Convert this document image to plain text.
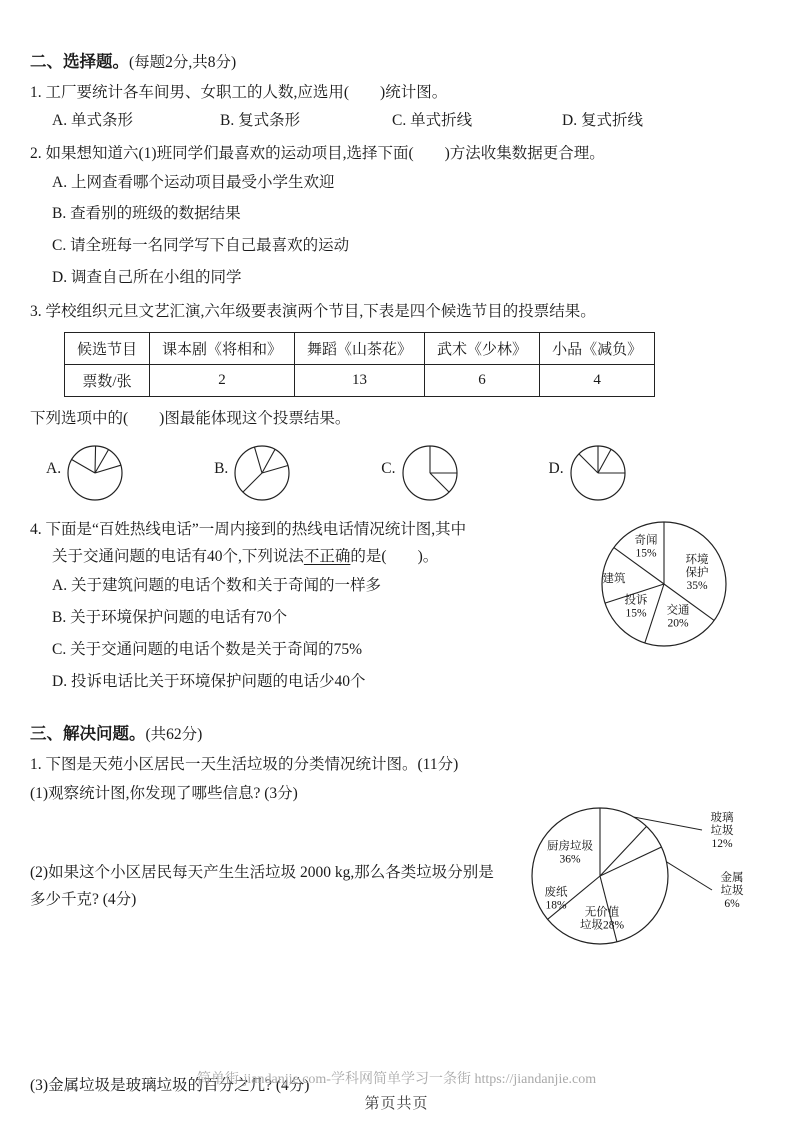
二、选择题。(每题2分,共8分)
1. 工厂要统计各车间男、女职工的人数,应选用(　　)统计图。
A. 单式条形	B. 复式条形	C. 单式折线	D. 复式折线
2. 如果想知道六(1)班同学们最喜欢的运动项目,选择下面(　　)方法收集数据更合理。
A. 上网查看哪个运动项目最受小学生欢迎
B. 查看别的班级的数据结果
C. 请全班每一名同学写下自己最喜欢的运动
D. 调查自己所在小组的同学
3. 学校组织元旦文艺汇演,六年级要表演两个节目,下表是四个候选节目的投票结果。
候选节目	课本剧《将相和》	舞蹈《山茶花》	武术《少林》	小品《减负》
票数/张	2	13	6	4
下列选项中的(　　)图最能体现这个投票结果。
A.	B.	C.	D.
4. 下面是“百姓热线电话”一周内接到的热线电话情况统计图,其中
关于交通问题的电话有40个,下列说法不正确的是(　　)。
A. 关于建筑问题的电话个数和关于奇闻的一样多
B. 关于环境保护问题的电话有70个
C. 关于交通问题的电话个数是关于奇闻的75%
D. 投诉电话比关于环境保护问题的电话少40个
环境保护 35%
交通 20%
投诉 15%
建筑
奇闻 15%
三、解决问题。(共62分)
1. 下图是天苑小区居民一天生活垃圾的分类情况统计图。(11分)
(1)观察统计图,你发现了哪些信息? (3分)
(2)如果这个小区居民每天产生生活垃圾 2000 kg,那么各类垃圾分别是多少千克? (4分)
玻璃垃圾 12%
金属垃圾 6%
无价值垃圾28%
废纸 18%
厨房垃圾 36%
(3)金属垃圾是玻璃垃圾的百分之几? (4分)
简单街-jiandanjie.com-学科网简单学习一条街 https://jiandanjie.com
第页共页
